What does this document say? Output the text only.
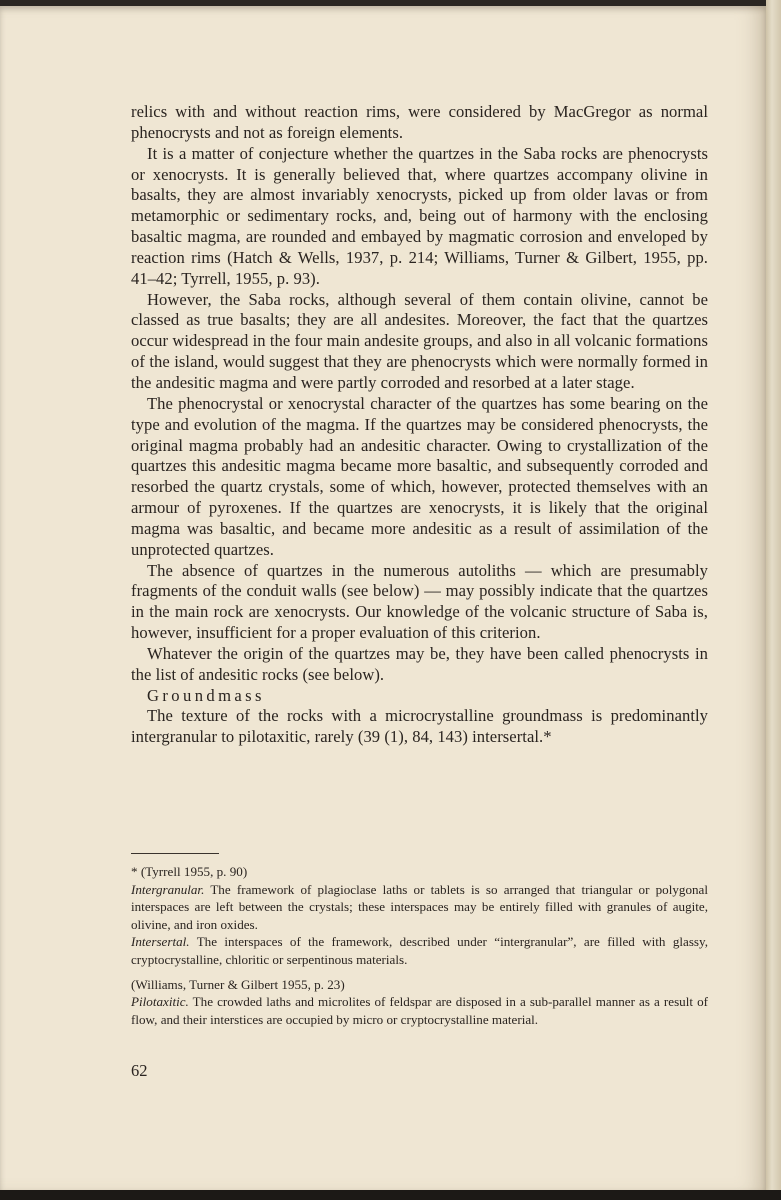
relics with and without reaction rims, were considered by MacGregor as normal phenocrysts and not as foreign elements.

It is a matter of conjecture whether the quartzes in the Saba rocks are phenocrysts or xenocrysts. It is generally believed that, where quartzes accompany olivine in basalts, they are almost invariably xenocrysts, picked up from older lavas or from metamorphic or sedimentary rocks, and, being out of harmony with the enclosing basaltic magma, are rounded and embayed by magmatic corrosion and enveloped by reaction rims (Hatch & Wells, 1937, p. 214; Williams, Turner & Gilbert, 1955, pp. 41–42; Tyrrell, 1955, p. 93).

However, the Saba rocks, although several of them contain olivine, cannot be classed as true basalts; they are all andesites. Moreover, the fact that the quartzes occur widespread in the four main andesite groups, and also in all volcanic formations of the island, would suggest that they are phenocrysts which were normally formed in the andesitic magma and were partly corroded and resorbed at a later stage.

The phenocrystal or xenocrystal character of the quartzes has some bearing on the type and evolution of the magma. If the quartzes may be considered phenocrysts, the original magma probably had an andesitic character. Owing to crystallization of the quartzes this andesitic magma became more basaltic, and subsequently corroded and resorbed the quartz crystals, some of which, however, protected themselves with an armour of pyroxenes. If the quartzes are xenocrysts, it is likely that the original magma was basaltic, and became more andesitic as a result of assimilation of the unprotected quartzes.

The absence of quartzes in the numerous autoliths — which are presumably fragments of the conduit walls (see below) — may possibly indicate that the quartzes in the main rock are xenocrysts. Our knowledge of the volcanic structure of Saba is, however, insufficient for a proper evaluation of this criterion.

Whatever the origin of the quartzes may be, they have been called phenocrysts in the list of andesitic rocks (see below).

Groundmass

The texture of the rocks with a microcrystalline groundmass is predominantly intergranular to pilotaxitic, rarely (39 (1), 84, 143) intersertal.*

* (Tyrrell 1955, p. 90)

Intergranular. The framework of plagioclase laths or tablets is so arranged that triangular or polygonal interspaces are left between the crystals; these interspaces may be entirely filled with granules of augite, olivine, and iron oxides.

Intersertal. The interspaces of the framework, described under “intergranular”, are filled with glassy, cryptocrystalline, chloritic or serpentinous materials.

(Williams, Turner & Gilbert 1955, p. 23)

Pilotaxitic. The crowded laths and microlites of feldspar are disposed in a sub-parallel manner as a result of flow, and their interstices are occupied by micro or cryptocrystalline material.

62
